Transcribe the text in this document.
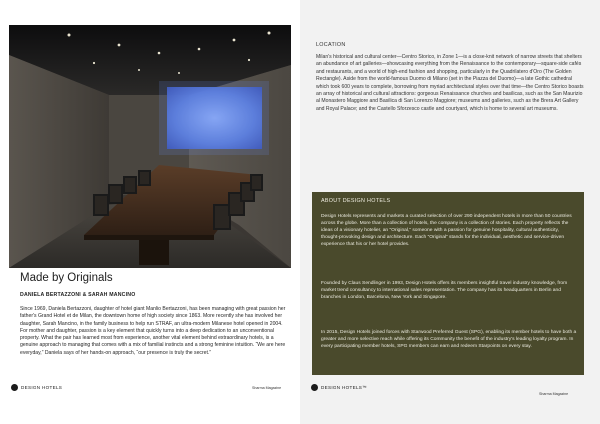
Made by Originals
DANIELA BERTAZZONI & SARAH MANCINO

Since 1969, Daniela Bertazzoni, daughter of hotel giant Manlio Bertazzoni, has been managing with great passion her father's Grand Hotel et de Milan, the downtown home of high society since 1863. More recently she has involved her daughter, Sarah Mancino, in the family business to help run STRAF, an ultra-modern Milanese hotel opened in 2004. For mother and daughter, passion is a key element that quickly turns into a deep dedication to an unconventional property. What the pair has learned most from experience, another vital element behind extraordinary hotels, is a genuine approach to managing that comes with a mix of familial instincts and a strong feminine intuition. “We are here everyday,” Daniela says of her hands-on approach, “our presence is truly the secret.”

DESIGN HOTELS	Sharma Magazine
LOCATION

Milan's historical and cultural center—Centro Storico, in Zone 1—is a close-knit network of narrow streets that shelters an abundance of art galleries—showcasing everything from the Renaissance to the contemporary—square-side cafés and restaurants, and a world of high-end fashion and shopping, particularly in the Quadrilatero d'Oro (The Golden Rectangle). Aside from the world-famous Duomo di Milano (set in the Piazza del Duomo)—a late Gothic cathedral which took 600 years to complete, borrowing from myriad architectural styles over that time—the Centro Storico boasts an array of historical and cultural attractions: gorgeous Renaissance churches and basilicas, such as the San Maurizio al Monastero Maggiore and Basilica di San Lorenzo Maggiore; museums and galleries, such as the Brera Art Gallery and Royal Palace; and the Castello Sforzesco castle and courtyard, which is home to several art museums.

ABOUT DESIGN HOTELS

Design Hotels represents and markets a curated selection of over 290 independent hotels in more than 50 countries across the globe. More than a collection of hotels, the company is a collection of stories. Each property reflects the ideas of a visionary hotelier, an “Original,” someone with a passion for genuine hospitality, cultural authenticity, thought-provoking design and architecture. Each “Original” stands for the individual, aesthetic and service-driven experience that his or her hotel provides.

Founded by Claus Sendlinger in 1993, Design Hotels offers its members insightful travel industry knowledge, from market trend consultancy to international sales representation. The company has its headquarters in Berlin and branches in London, Barcelona, New York and Singapore.

In 2015, Design Hotels joined forces with Starwood Preferred Guest (SPG), enabling its member hotels to have both a greater and more selective reach while offering its Community the benefit of the industry's leading loyalty program. In every participating member hotels, SPG members can earn and redeem Starpoints on every stay.

DESIGN HOTELS™
Sharma Magazine
